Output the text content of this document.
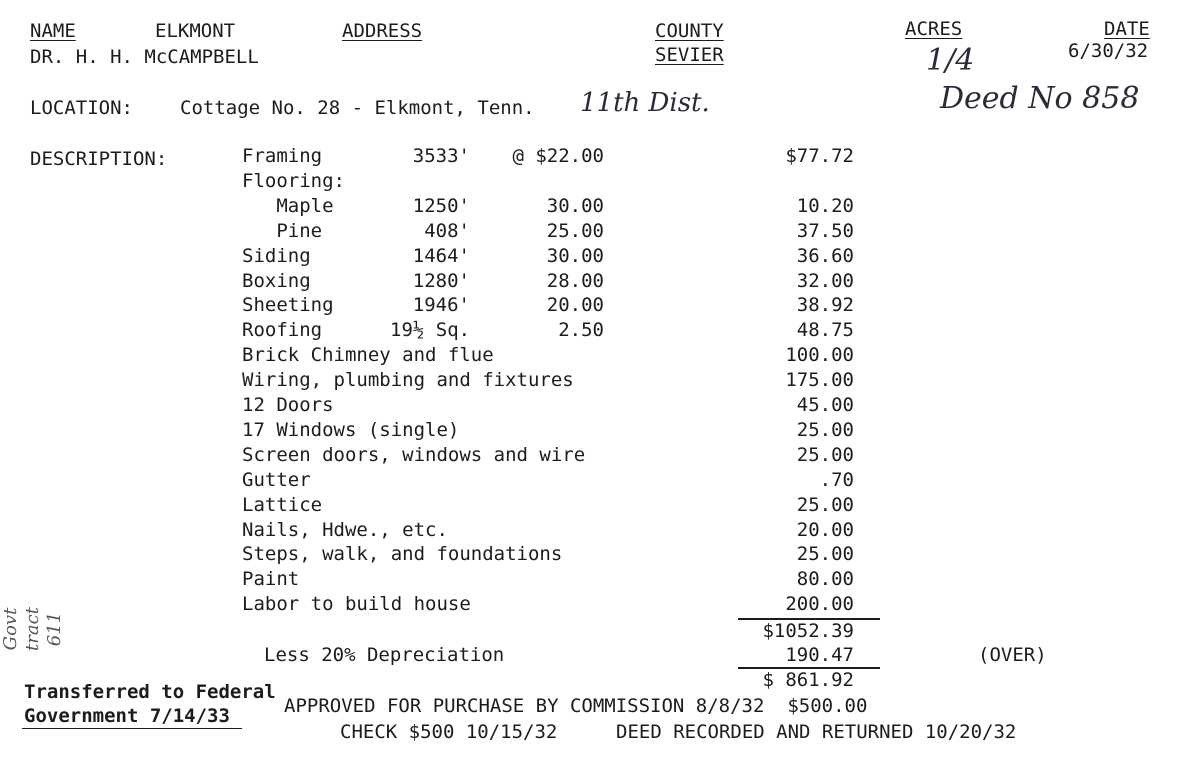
NAME	ELKMONT
DR. H. H. McCAMPBELL
ADDRESS	COUNTY
SEVIER
ACRES
1/4
DATE
6/30/32
LOCATION: Cottage No. 28 - Elkmont, Tenn. 11th Dist.	Deed No 858
DESCRIPTION:	Framing	3533'	@ $22.00	$77.72
Flooring:
Maple	1250'	30.00	10.20
Pine	408'	25.00	37.50
Siding	1464'	30.00	36.60
Boxing	1280'	28.00	32.00
Sheeting	1946'	20.00	38.92
Roofing	19½ Sq.	2.50	48.75
Brick Chimney and flue	100.00
Wiring, plumbing and fixtures	175.00
12 Doors	45.00
17 Windows (single)	25.00
Screen doors, windows and wire	25.00
Gutter	.70
Lattice	25.00
Nails, Hdwe., etc.	20.00
Steps, walk, and foundations	25.00
Paint	80.00
Labor to build house	200.00
$1052.39
Less 20% Depreciation	190.47	(OVER)
$ 861.92
Transferred to Federal
Government 7/14/33	APPROVED FOR PURCHASE BY COMMISSION 8/8/32  $500.00
CHECK $500 10/15/32	DEED RECORDED AND RETURNED 10/20/32
Govt tract 611
